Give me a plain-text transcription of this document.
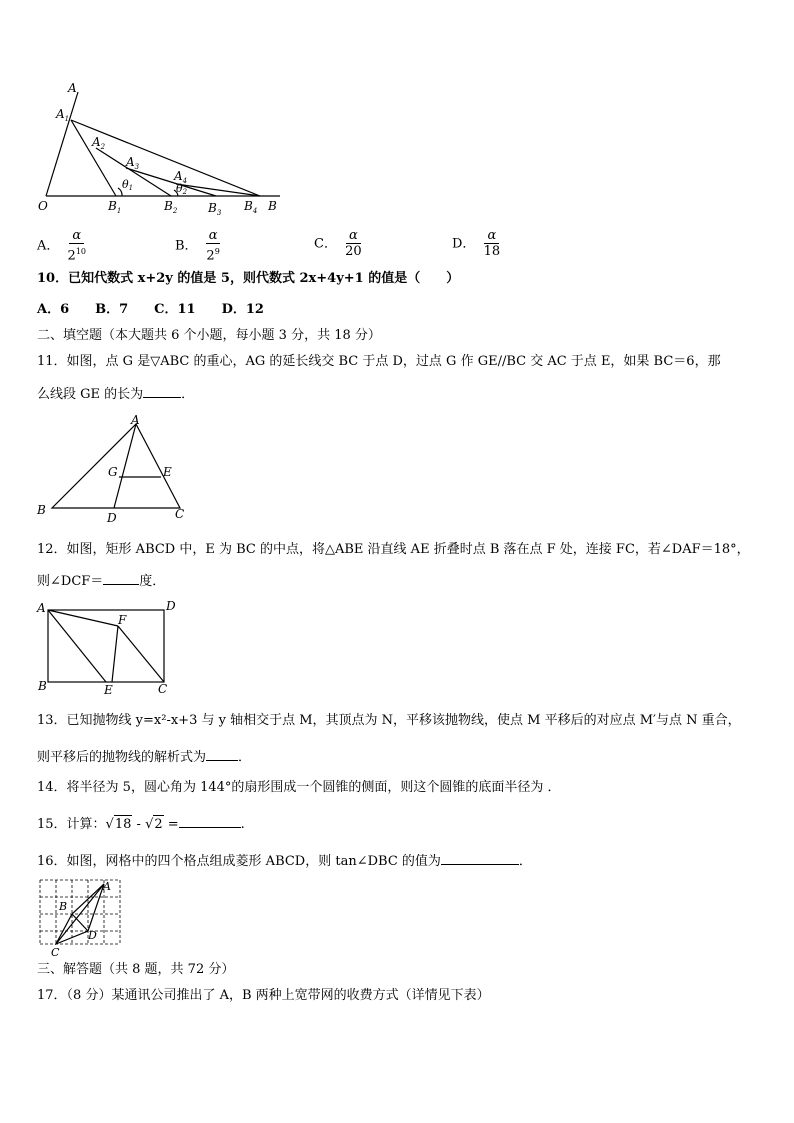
A
$A_1$
$A_2$
$A_3$
$A_4$
O	$B_1$	$B_2$	$B_3$ $B_4$ B
θ1	θ2
A． $\frac{\alpha}{2^{10}}$	B． $\frac{\alpha}{2^9}$	C． $\frac{\alpha}{20}$	D． $\frac{\alpha}{18}$
10．已知代数式 x+2y 的值是 5，则代数式 2x+4y+1 的值是（　　）
A．6　　B．7　　C．11　　D．12
二、填空题（本大题共 6 个小题，每小题 3 分，共 18 分）
11．如图，点 G 是▽ABC 的重心，AG 的延长线交 BC 于点 D，过点 G 作 GE//BC 交 AC 于点 E，如果 BC＝6，那
么线段 GE 的长为	．
A
B	C
D
G	E
12．如图，矩形 ABCD 中，E 为 BC 的中点，将△ABE 沿直线 AE 折叠时点 B 落在点 F 处，连接 FC，若∠DAF＝18°，
则∠DCF＝	度．
A	D
B	E	C
F
13．已知抛物线 y=x²-x+3 与 y 轴相交于点 M，其顶点为 N，平移该抛物线，使点 M 平移后的对应点 M′与点 N 重合，
则平移后的抛物线的解析式为 ．
14．将半径为 5，圆心角为 144°的扇形围成一个圆锥的侧面，则这个圆锥的底面半径为 ．
15．计算：√18 - √2 =	.
16．如图，网格中的四个格点组成菱形 ABCD，则 tan∠DBC 的值为	．
A
B
C
D
三、解答题（共 8 题，共 72 分）
17．（8 分）某通讯公司推出了 A，B 两种上宽带网的收费方式（详情见下表）
